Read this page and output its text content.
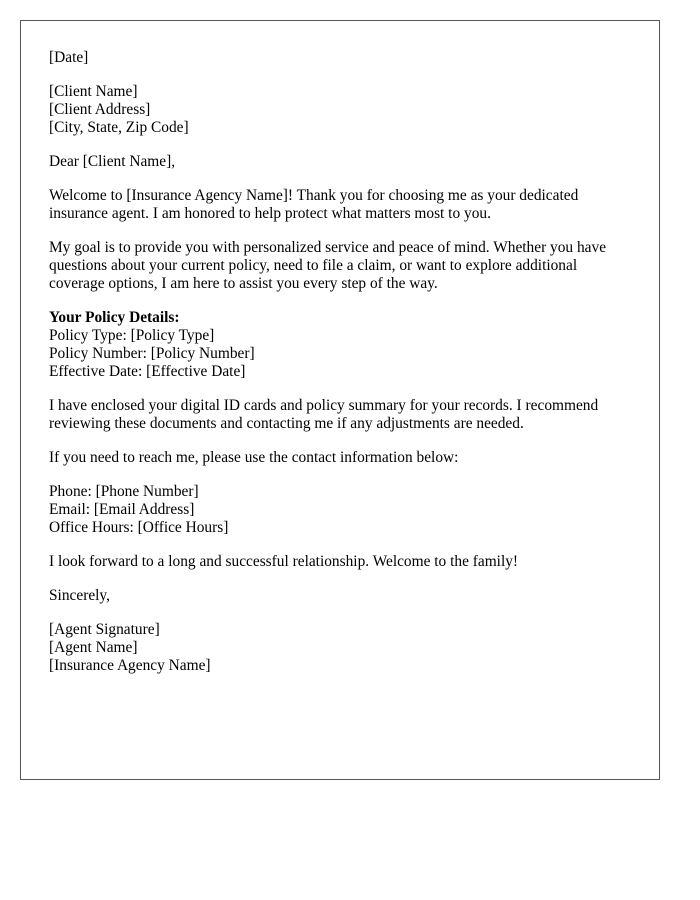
[Date]
[Client Name]
[Client Address]
[City, State, Zip Code]
Dear [Client Name],
Welcome to [Insurance Agency Name]! Thank you for choosing me as your dedicated
insurance agent. I am honored to help protect what matters most to you.
My goal is to provide you with personalized service and peace of mind. Whether you have
questions about your current policy, need to file a claim, or want to explore additional
coverage options, I am here to assist you every step of the way.
Your Policy Details:
Policy Type: [Policy Type]
Policy Number: [Policy Number]
Effective Date: [Effective Date]
I have enclosed your digital ID cards and policy summary for your records. I recommend
reviewing these documents and contacting me if any adjustments are needed.
If you need to reach me, please use the contact information below:
Phone: [Phone Number]
Email: [Email Address]
Office Hours: [Office Hours]
I look forward to a long and successful relationship. Welcome to the family!
Sincerely,
[Agent Signature]
[Agent Name]
[Insurance Agency Name]
